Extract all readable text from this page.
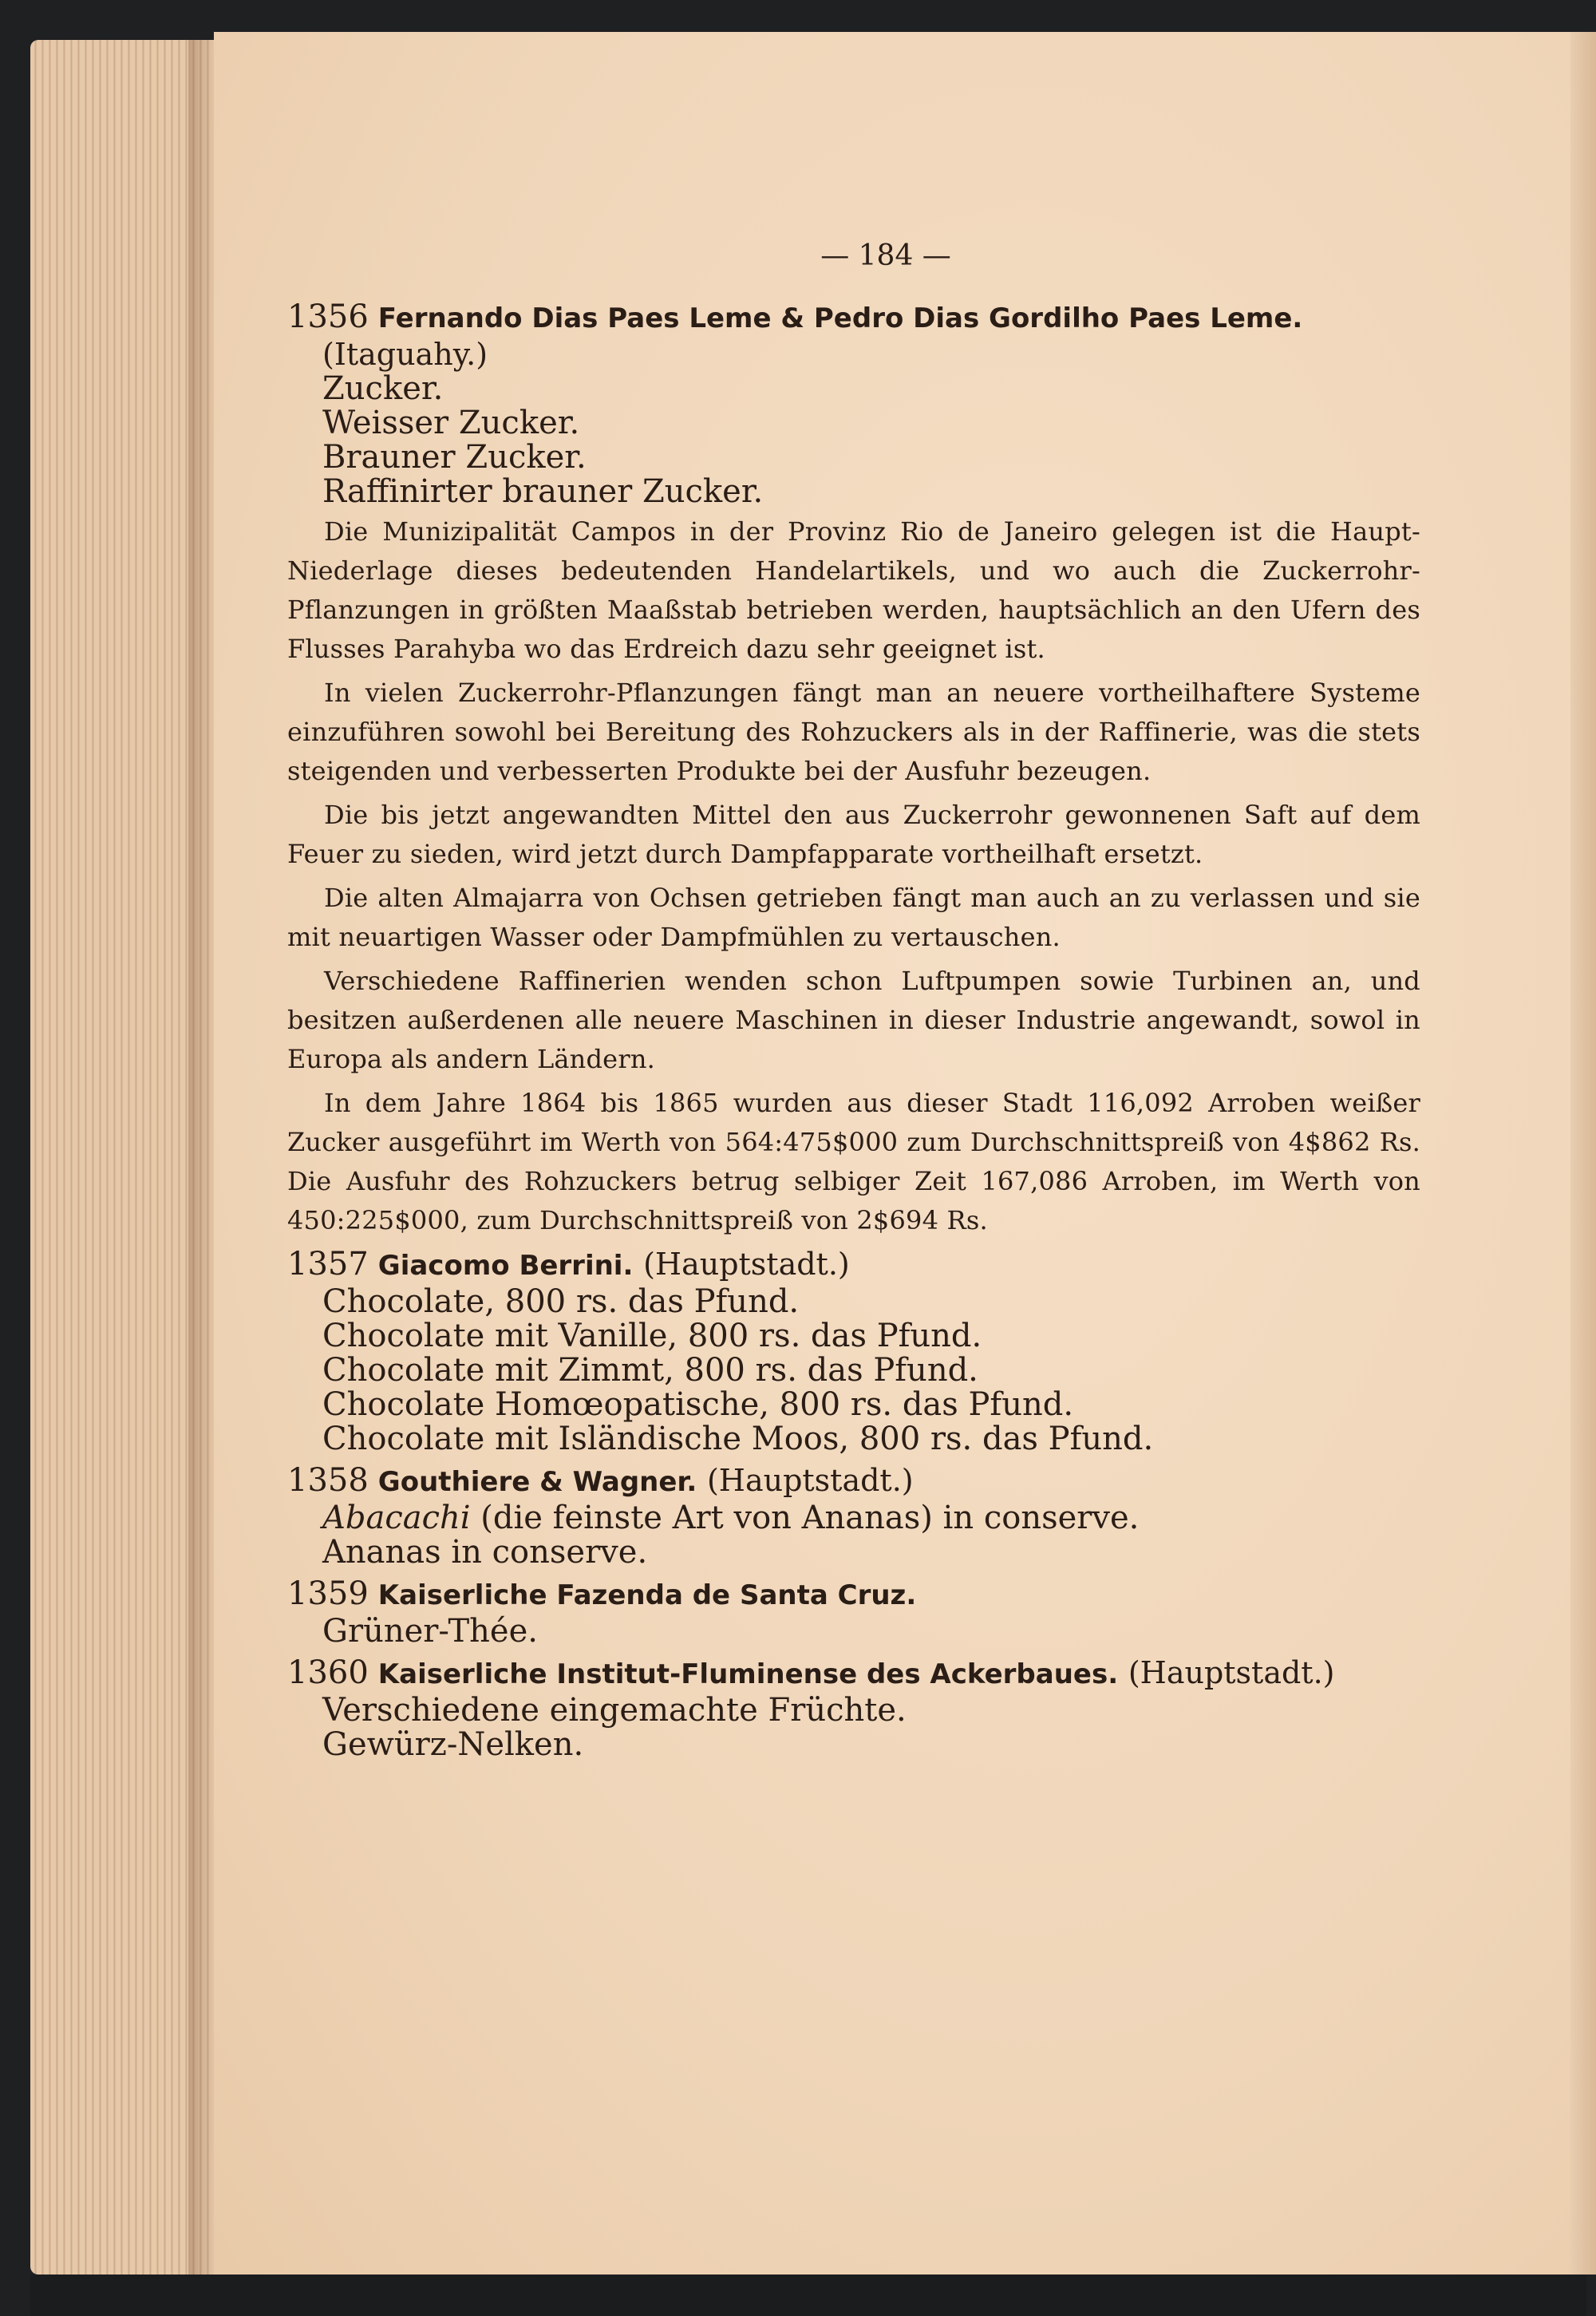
— 184 —
1356 Fernando Dias Paes Leme & Pedro Dias Gordilho Paes Leme.
(Itaguahy.)
Zucker.
Weisser Zucker.
Brauner Zucker.
Raffinirter brauner Zucker.

Die Munizipalität Campos in der Provinz Rio de Janeiro gelegen ist die Haupt-Niederlage dieses bedeutenden Handelartikels, und wo auch die Zuckerrohr-Pflanzungen in größten Maaßstab betrieben werden, hauptsächlich an den Ufern des Flusses Parahyba wo das Erdreich dazu sehr geeignet ist.

In vielen Zuckerrohr-Pflanzungen fängt man an neuere vortheilhaftere Systeme einzuführen sowohl bei Bereitung des Rohzuckers als in der Raffinerie, was die stets steigenden und verbesserten Produkte bei der Ausfuhr bezeugen.

Die bis jetzt angewandten Mittel den aus Zuckerrohr gewonnenen Saft auf dem Feuer zu sieden, wird jetzt durch Dampfapparate vortheilhaft ersetzt.

Die alten Almajarra von Ochsen getrieben fängt man auch an zu verlassen und sie mit neuartigen Wasser oder Dampfmühlen zu vertauschen.

Verschiedene Raffinerien wenden schon Luftpumpen sowie Turbinen an, und besitzen außerdenen alle neuere Maschinen in dieser Industrie angewandt, sowol in Europa als andern Ländern.

In dem Jahre 1864 bis 1865 wurden aus dieser Stadt 116,092 Arroben weißer Zucker ausgeführt im Werth von 564:475$000 zum Durchschnittspreiß von 4$862 Rs. Die Ausfuhr des Rohzuckers betrug selbiger Zeit 167,086 Arroben, im Werth von 450:225$000, zum Durchschnittspreiß von 2$694 Rs.

1357 Giacomo Berrini. (Hauptstadt.)
Chocolate, 800 rs. das Pfund.
Chocolate mit Vanille, 800 rs. das Pfund.
Chocolate mit Zimmt, 800 rs. das Pfund.
Chocolate Homœopatische, 800 rs. das Pfund.
Chocolate mit Isländische Moos, 800 rs. das Pfund.
1358 Gouthiere & Wagner. (Hauptstadt.)
Abacachi (die feinste Art von Ananas) in conserve.
Ananas in conserve.
1359 Kaiserliche Fazenda de Santa Cruz.
Grüner-Thée.
1360 Kaiserliche Institut-Fluminense des Ackerbaues. (Hauptstadt.)
Verschiedene eingemachte Früchte.
Gewürz-Nelken.
